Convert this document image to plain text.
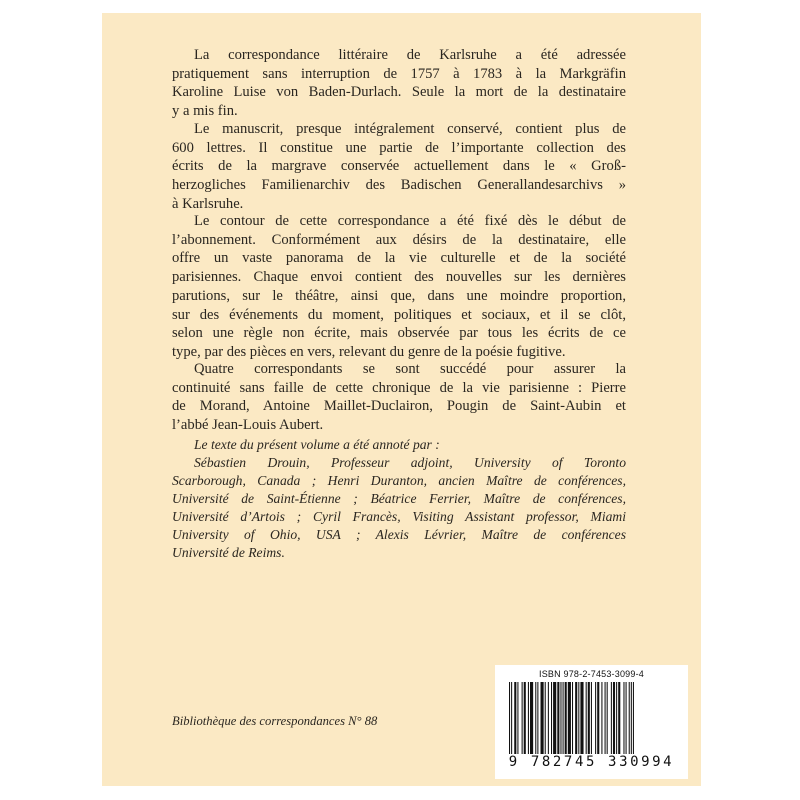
La correspondance littéraire de Karlsruhe a été adressée
pratiquement sans interruption de 1757 à 1783 à la Markgräfin
Karoline Luise von Baden-Durlach. Seule la mort de la destinataire
y a mis fin.

Le manuscrit, presque intégralement conservé, contient plus de
600 lettres. Il constitue une partie de l’importante collection des
écrits de la margrave conservée actuellement dans le « Groß-
herzogliches Familienarchiv des Badischen Generallandesarchivs »
à Karlsruhe.

Le contour de cette correspondance a été fixé dès le début de
l’abonnement. Conformément aux désirs de la destinataire, elle
offre un vaste panorama de la vie culturelle et de la société
parisiennes. Chaque envoi contient des nouvelles sur les dernières
parutions, sur le théâtre, ainsi que, dans une moindre proportion,
sur des événements du moment, politiques et sociaux, et il se clôt,
selon une règle non écrite, mais observée par tous les écrits de ce
type, par des pièces en vers, relevant du genre de la poésie fugitive.

Quatre correspondants se sont succédé pour assurer la
continuité sans faille de cette chronique de la vie parisienne : Pierre
de Morand, Antoine Maillet-Duclairon, Pougin de Saint-Aubin et
l’abbé Jean-Louis Aubert.

Le texte du présent volume a été annoté par :
Sébastien Drouin, Professeur adjoint, University of Toronto
Scarborough, Canada ; Henri Duranton, ancien Maître de conférences,
Université de Saint-Étienne ; Béatrice Ferrier, Maître de conférences,
Université d’Artois ; Cyril Francès, Visiting Assistant professor, Miami
University of Ohio, USA ; Alexis Lévrier, Maître de conférences
Université de Reims.
Bibliothèque des correspondances N° 88
ISBN 978-2-7453-3099-4
9 782745 330994
